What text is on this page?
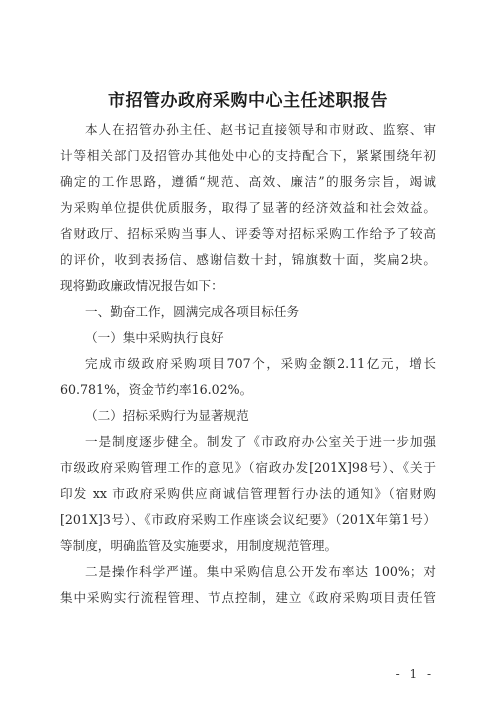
市招管办政府采购中心主任述职报告
本人在招管办孙主任、赵书记直接领导和市财政、监察、审
计等相关部门及招管办其他处中心的支持配合下，紧紧围绕年初
确定的工作思路，遵循“规范、高效、廉洁”的服务宗旨，竭诚
为采购单位提供优质服务，取得了显著的经济效益和社会效益。
省财政厅、招标采购当事人、评委等对招标采购工作给予了较高
的评价，收到表扬信、感谢信数十封，锦旗数十面，奖扁2块。
现将勤政廉政情况报告如下：
一、勤奋工作，圆满完成各项目标任务
（一）集中采购执行良好
完成市级政府采购项目707个，采购金额2.11亿元，增长
60.781%，资金节约率16.02%。
（二）招标采购行为显著规范
一是制度逐步健全。制发了《市政府办公室关于进一步加强
市级政府采购管理工作的意见》（宿政办发[201X]98号）、《关于
印发 xx 市政府采购供应商诚信管理暂行办法的通知》（宿财购
[201X]3号）、《市政府采购工作座谈会议纪要》（201X年第1号）
等制度，明确监管及实施要求，用制度规范管理。
二是操作科学严谨。集中采购信息公开发布率达 100%；对
集中采购实行流程管理、节点控制，建立《政府采购项目责任管
- 1 -
